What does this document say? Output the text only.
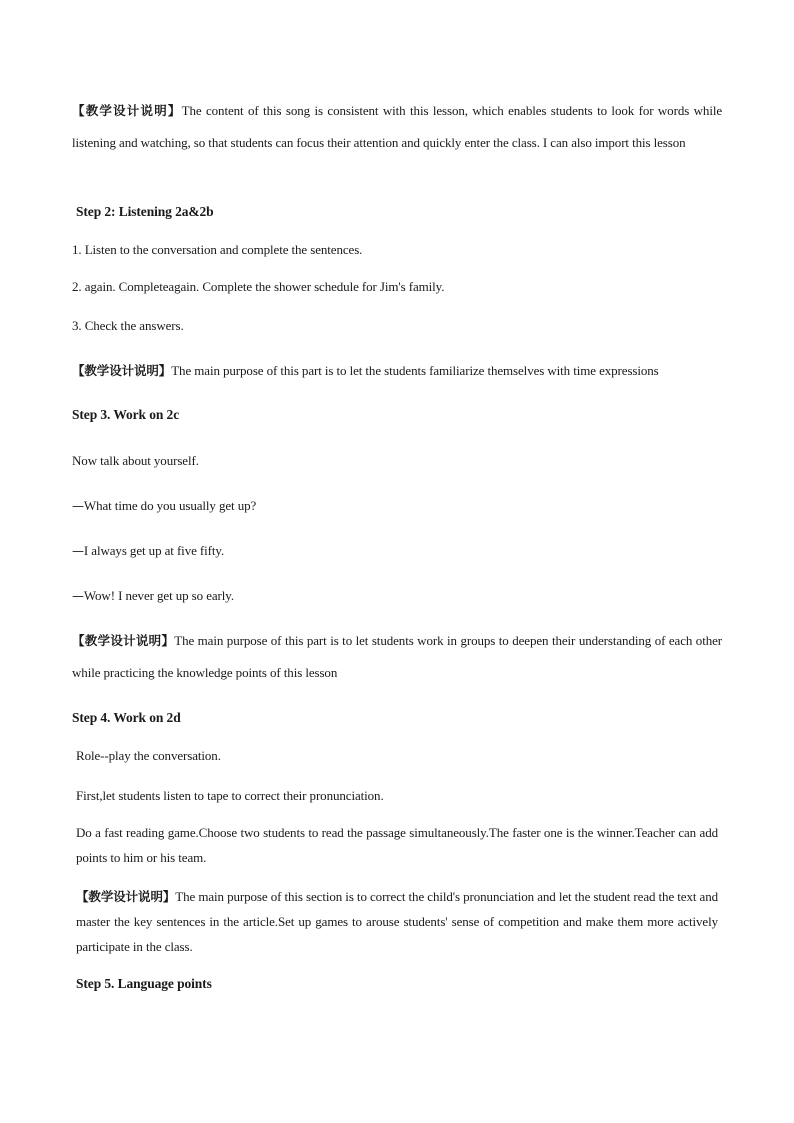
【教学设计说明】The content of this song is consistent with this lesson, which enables students to look for words while listening and watching, so that students can focus their attention and quickly enter the class. I can also import this lesson

Step 2: Listening 2a&2b

1. Listen to the conversation and complete the sentences.

2. again. Completeagain. Complete the shower schedule for Jim's family.

3. Check the answers.

【教学设计说明】The main purpose of this part is to let the students familiarize themselves with time expressions

Step 3. Work on 2c

Now talk about yourself.

—What time do you usually get up?

—I always get up at five fifty.

—Wow! I never get up so early.

【教学设计说明】The main purpose of this part is to let students work in groups to deepen their understanding of each other while practicing the knowledge points of this lesson

Step 4. Work on 2d

Role--play the conversation.

First,let students listen to tape to correct their pronunciation.

Do a fast reading game.Choose two students to read the passage simultaneously.The faster one is the winner.Teacher can add points to him or his team.

【教学设计说明】The main purpose of this section is to correct the child's pronunciation and let the student read the text and master the key sentences in the article.Set up games to arouse students' sense of competition and make them more actively participate in the class.

Step 5. Language points
